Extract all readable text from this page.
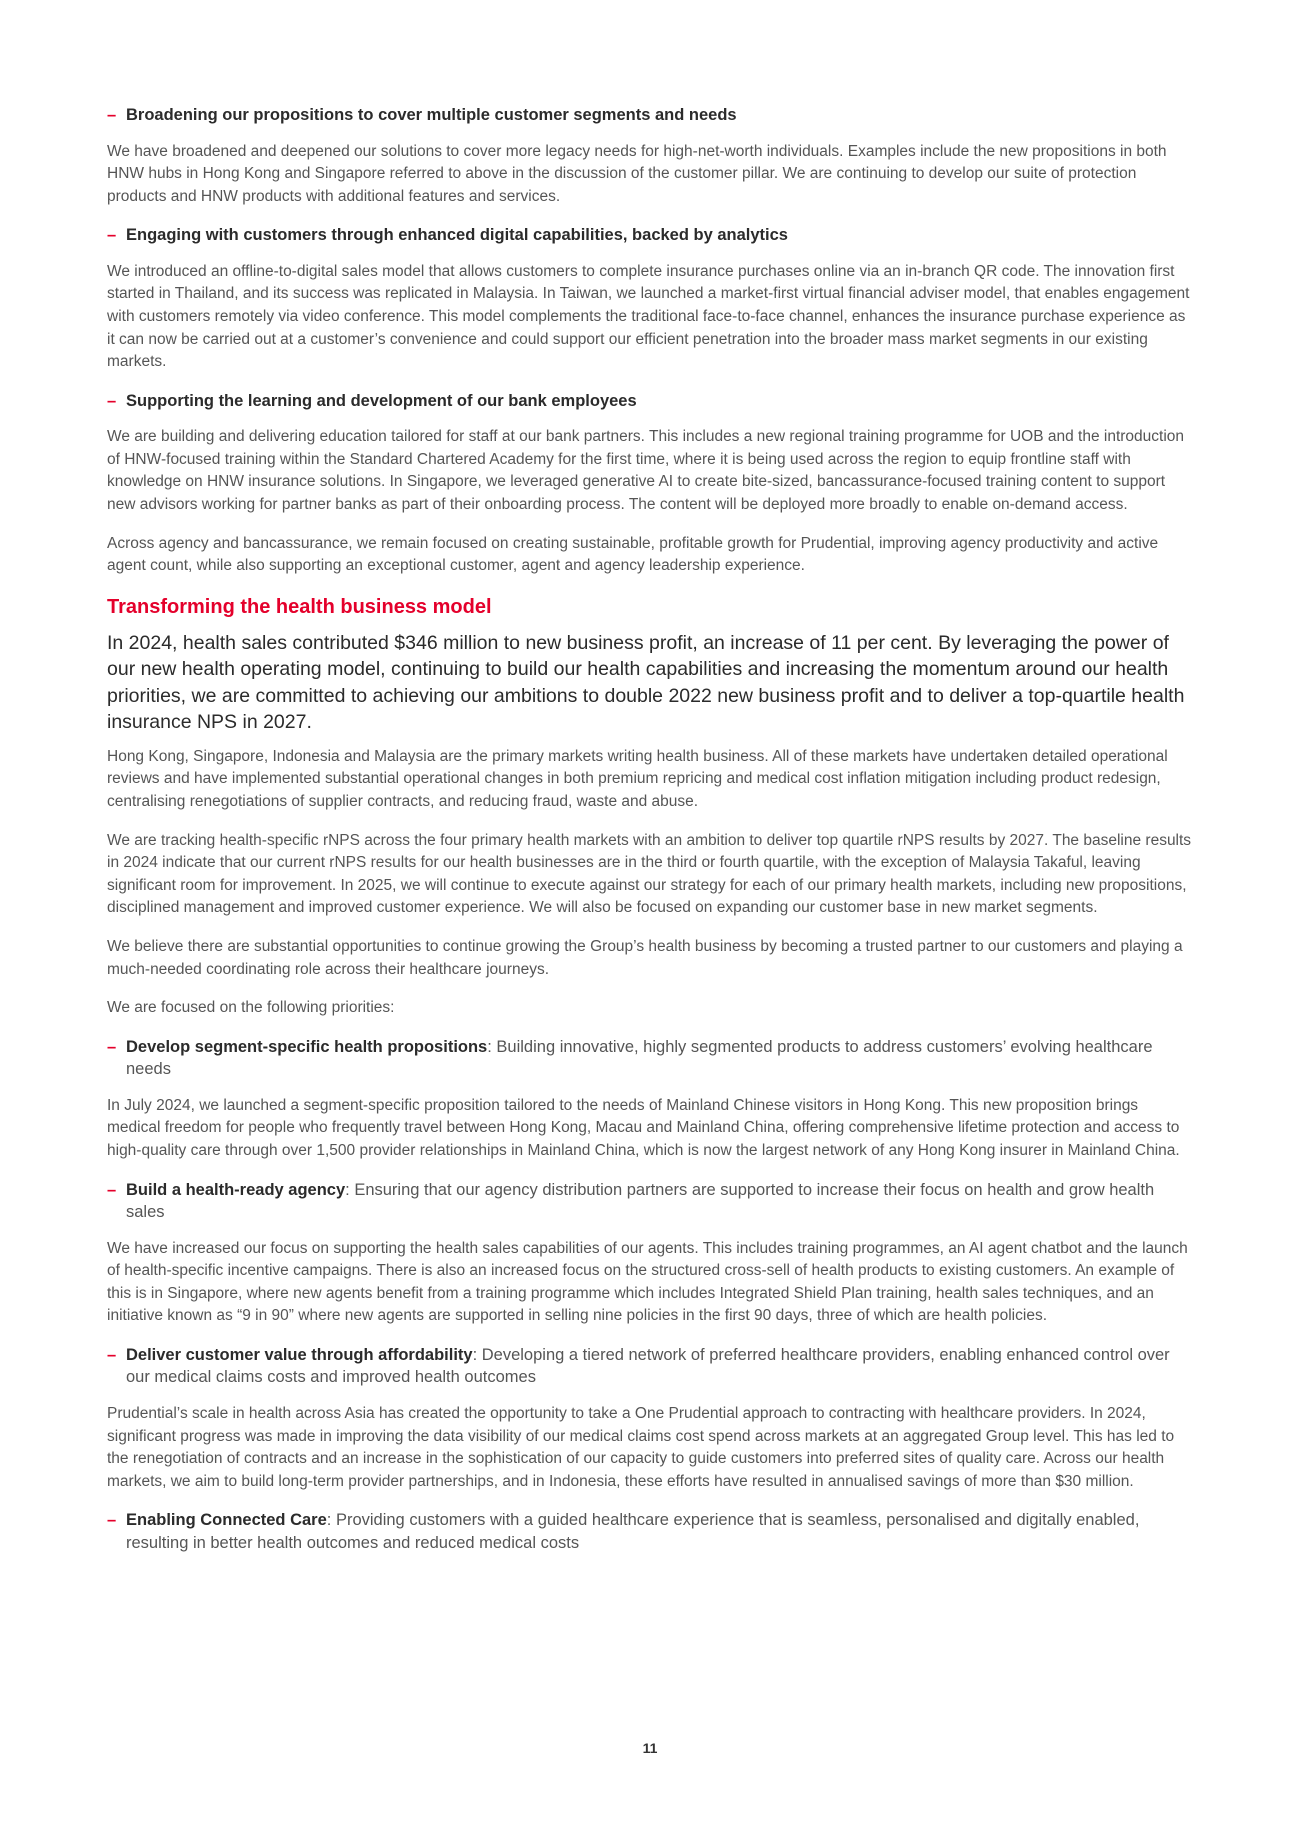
– Broadening our propositions to cover multiple customer segments and needs

We have broadened and deepened our solutions to cover more legacy needs for high-net-worth individuals. Examples include the new propositions in both HNW hubs in Hong Kong and Singapore referred to above in the discussion of the customer pillar. We are continuing to develop our suite of protection products and HNW products with additional features and services.

– Engaging with customers through enhanced digital capabilities, backed by analytics

We introduced an offline-to-digital sales model that allows customers to complete insurance purchases online via an in-branch QR code. The innovation first started in Thailand, and its success was replicated in Malaysia. In Taiwan, we launched a market-first virtual financial adviser model, that enables engagement with customers remotely via video conference. This model complements the traditional face-to-face channel, enhances the insurance purchase experience as it can now be carried out at a customer’s convenience and could support our efficient penetration into the broader mass market segments in our existing markets.

– Supporting the learning and development of our bank employees

We are building and delivering education tailored for staff at our bank partners. This includes a new regional training programme for UOB and the introduction of HNW-focused training within the Standard Chartered Academy for the first time, where it is being used across the region to equip frontline staff with knowledge on HNW insurance solutions. In Singapore, we leveraged generative AI to create bite-sized, bancassurance-focused training content to support new advisors working for partner banks as part of their onboarding process. The content will be deployed more broadly to enable on-demand access.

Across agency and bancassurance, we remain focused on creating sustainable, profitable growth for Prudential, improving agency productivity and active agent count, while also supporting an exceptional customer, agent and agency leadership experience.

Transforming the health business model

In 2024, health sales contributed $346 million to new business profit, an increase of 11 per cent. By leveraging the power of our new health operating model, continuing to build our health capabilities and increasing the momentum around our health priorities, we are committed to achieving our ambitions to double 2022 new business profit and to deliver a top-quartile health insurance NPS in 2027.

Hong Kong, Singapore, Indonesia and Malaysia are the primary markets writing health business. All of these markets have undertaken detailed operational reviews and have implemented substantial operational changes in both premium repricing and medical cost inflation mitigation including product redesign, centralising renegotiations of supplier contracts, and reducing fraud, waste and abuse.

We are tracking health-specific rNPS across the four primary health markets with an ambition to deliver top quartile rNPS results by 2027. The baseline results in 2024 indicate that our current rNPS results for our health businesses are in the third or fourth quartile, with the exception of Malaysia Takaful, leaving significant room for improvement. In 2025, we will continue to execute against our strategy for each of our primary health markets, including new propositions, disciplined management and improved customer experience. We will also be focused on expanding our customer base in new market segments.

We believe there are substantial opportunities to continue growing the Group’s health business by becoming a trusted partner to our customers and playing a much-needed coordinating role across their healthcare journeys.

We are focused on the following priorities:

– Develop segment-specific health propositions: Building innovative, highly segmented products to address customers’ evolving healthcare needs

In July 2024, we launched a segment-specific proposition tailored to the needs of Mainland Chinese visitors in Hong Kong. This new proposition brings medical freedom for people who frequently travel between Hong Kong, Macau and Mainland China, offering comprehensive lifetime protection and access to high-quality care through over 1,500 provider relationships in Mainland China, which is now the largest network of any Hong Kong insurer in Mainland China.

– Build a health-ready agency: Ensuring that our agency distribution partners are supported to increase their focus on health and grow health sales

We have increased our focus on supporting the health sales capabilities of our agents. This includes training programmes, an AI agent chatbot and the launch of health-specific incentive campaigns. There is also an increased focus on the structured cross-sell of health products to existing customers. An example of this is in Singapore, where new agents benefit from a training programme which includes Integrated Shield Plan training, health sales techniques, and an initiative known as “9 in 90” where new agents are supported in selling nine policies in the first 90 days, three of which are health policies.

– Deliver customer value through affordability: Developing a tiered network of preferred healthcare providers, enabling enhanced control over our medical claims costs and improved health outcomes

Prudential’s scale in health across Asia has created the opportunity to take a One Prudential approach to contracting with healthcare providers. In 2024, significant progress was made in improving the data visibility of our medical claims cost spend across markets at an aggregated Group level. This has led to the renegotiation of contracts and an increase in the sophistication of our capacity to guide customers into preferred sites of quality care. Across our health markets, we aim to build long-term provider partnerships, and in Indonesia, these efforts have resulted in annualised savings of more than $30 million.

– Enabling Connected Care: Providing customers with a guided healthcare experience that is seamless, personalised and digitally enabled, resulting in better health outcomes and reduced medical costs
11
